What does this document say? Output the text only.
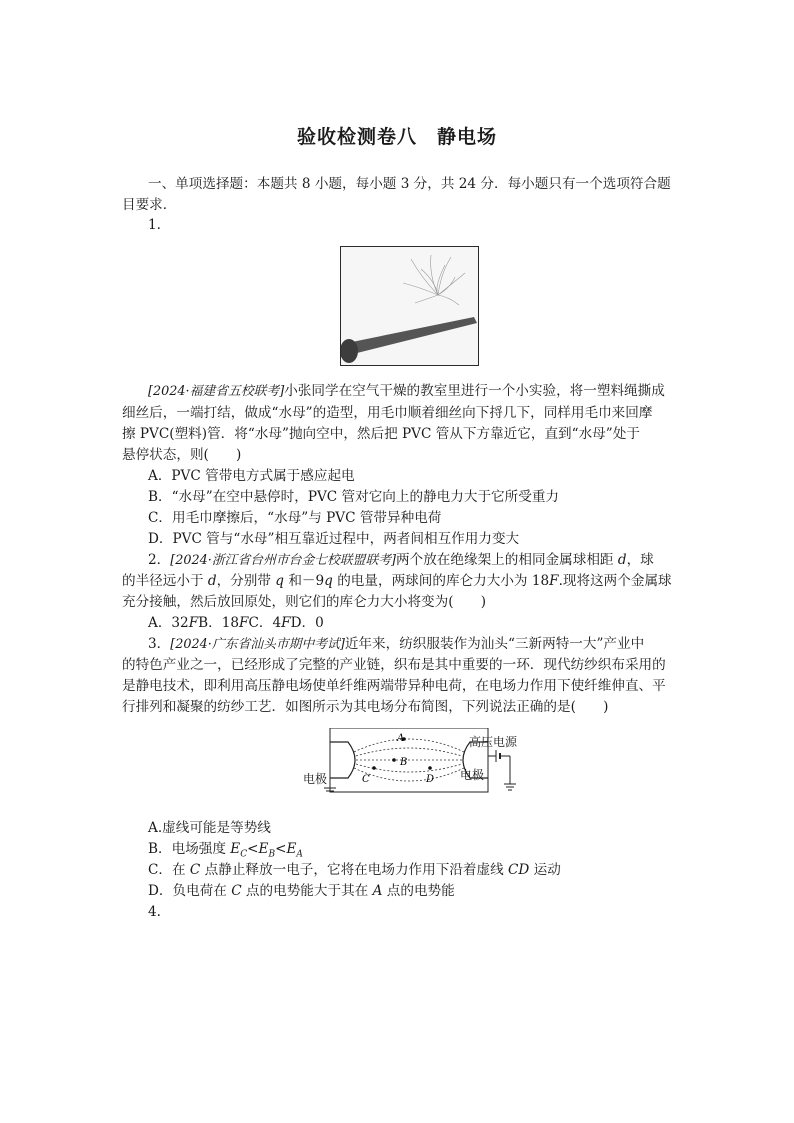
验收检测卷八　静电场
一、单项选择题：本题共 8 小题，每小题 3 分，共 24 分．每小题只有一个选项符合题
目要求．
1.
[2024·福建省五校联考]小张同学在空气干燥的教室里进行一个小实验，将一塑料绳撕成
细丝后，一端打结，做成“水母”的造型，用毛巾顺着细丝向下捋几下，同样用毛巾来回摩
擦 PVC(塑料)管．将“水母”抛向空中，然后把 PVC 管从下方靠近它，直到“水母”处于
悬停状态，则(　　)
A．PVC 管带电方式属于感应起电
B．“水母”在空中悬停时，PVC 管对它向上的静电力大于它所受重力
C．用毛巾摩擦后，“水母”与 PVC 管带异种电荷
D．PVC 管与“水母”相互靠近过程中，两者间相互作用力变大
2．[2024·浙江省台州市台金七校联盟联考]两个放在绝缘架上的相同金属球相距 d，球
的半径远小于 d，分别带 q 和－9q 的电量，两球间的库仑力大小为 18F.现将这两个金属球
充分接触，然后放回原处，则它们的库仑力大小将变为(　　)
A．32FB．18FC．4FD．0
3．[2024·广东省汕头市期中考试]近年来，纺织服装作为汕头“三新两特一大”产业中
的特色产业之一，已经形成了完整的产业链，织布是其中重要的一环．现代纺纱织布采用的
是静电技术，即利用高压静电场使单纤维两端带异种电荷，在电场力作用下使纤维伸直、平
行排列和凝聚的纺纱工艺．如图所示为其电场分布简图，下列说法正确的是(　　)
A
B
C	D
高压电源
电极	电极
A.虚线可能是等势线
B．电场强度 $E_C<E_B<E_A$
C．在 C 点静止释放一电子，它将在电场力作用下沿着虚线 CD 运动
D．负电荷在 C 点的电势能大于其在 A 点的电势能
4.
